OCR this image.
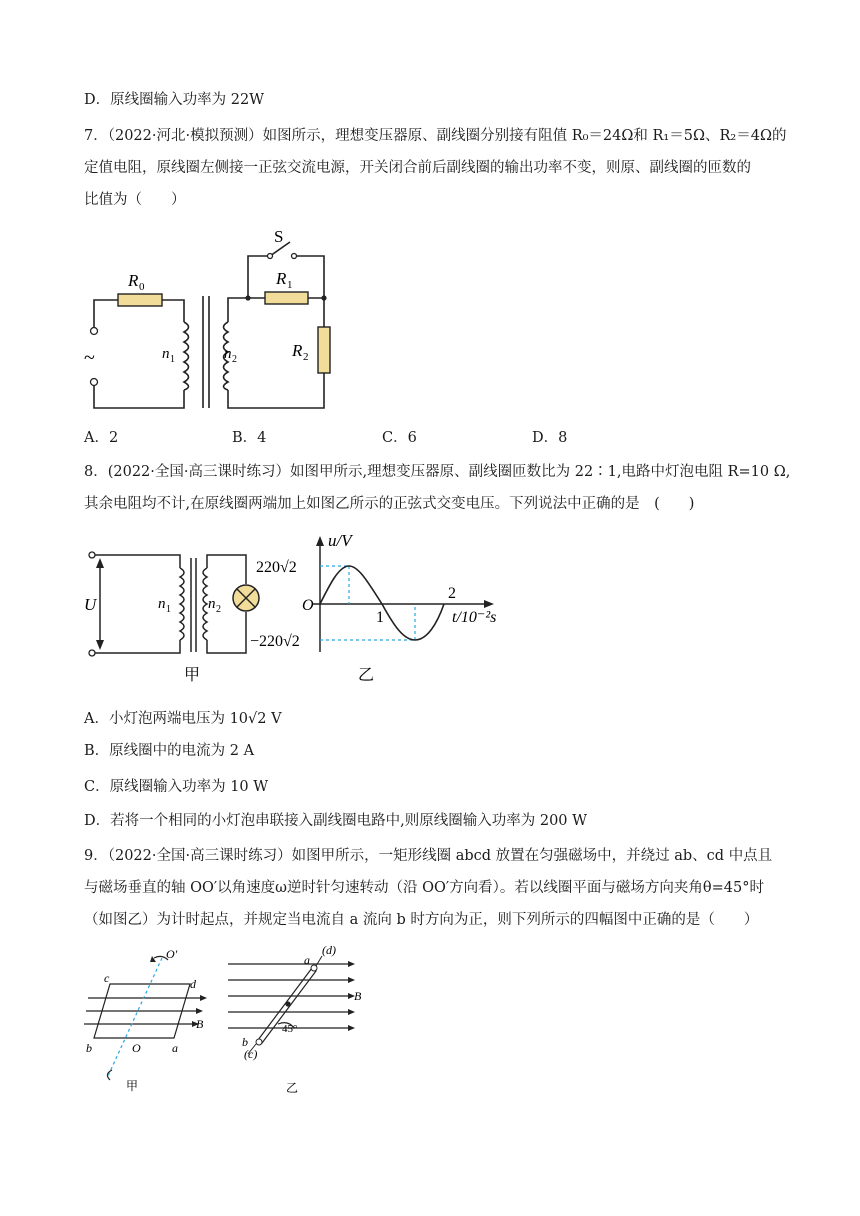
D．原线圈输入功率为 22W
7．（2022·河北·模拟预测）如图所示，理想变压器原、副线圈分别接有阻值 R₀＝24Ω和 R₁＝5Ω、R₂＝4Ω的
定值电阻，原线圈左侧接一正弦交流电源，开关闭合前后副线圈的输出功率不变，则原、副线圈的匝数的
比值为（　　）
S
R 0	R 1
R 2
n 1	n 2
~
A．2	B．4	C．6	D．8
8．(2022·全国·高三课时练习）如图甲所示,理想变压器原、副线圈匝数比为 22∶1,电路中灯泡电阻 R=10 Ω,
其余电阻均不计,在原线圈两端加上如图乙所示的正弦式交变电压。下列说法中正确的是　(　　)
U	n 1 n 2
甲
u/V
220√2
−220√2
O
1
2
t/10⁻²s
乙
A．小灯泡两端电压为 10√2 V
B．原线圈中的电流为 2 A
C．原线圈输入功率为 10 W
D．若将一个相同的小灯泡串联接入副线圈电路中,则原线圈输入功率为 200 W
9．（2022·全国·高三课时练习）如图甲所示，一矩形线圈 abcd 放置在匀强磁场中，并绕过 ab、cd 中点且
与磁场垂直的轴 OO′以角速度ω逆时针匀速转动（沿 OO′方向看）。若以线圈平面与磁场方向夹角θ=45°时
（如图乙）为计时起点，并规定当电流自 a 流向 b 时方向为正，则下列所示的四幅图中正确的是（　　）
O′
c	d
b	a
O
B
甲
a
(d)
b
(c)
45°
B
乙
